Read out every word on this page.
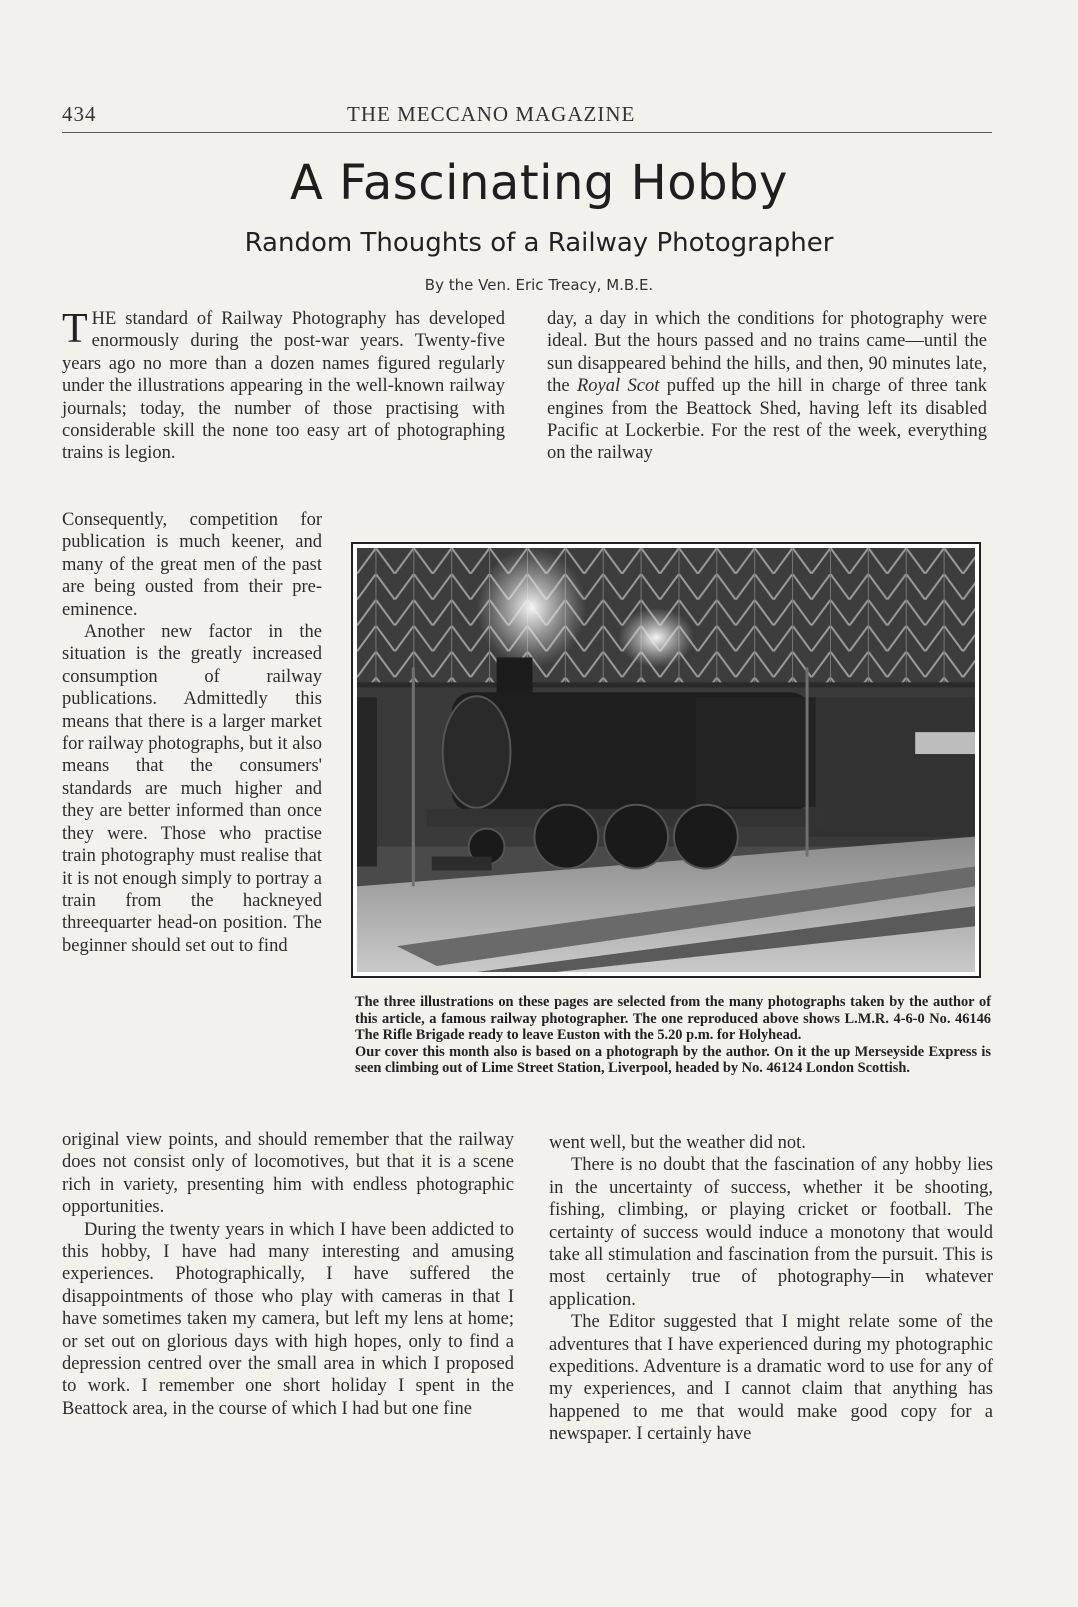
434	THE MECCANO MAGAZINE
A Fascinating Hobby
Random Thoughts of a Railway Photographer
By the Ven. Eric Treacy, M.B.E.

THE standard of Railway Photography has developed enormously during the post-war years. Twenty-five years ago no more than a dozen names figured regularly under the illustrations appearing in the well-known railway journals; today, the number of those practising with considerable skill the none too easy art of photographing trains is legion.

Consequently, competition for publication is much keener, and many of the great men of the past are being ousted from their pre-eminence.

Another new factor in the situation is the greatly increased consumption of railway publications. Admittedly this means that there is a larger market for railway photographs, but it also means that the consumers' standards are much higher and they are better informed than once they were. Those who practise train photography must realise that it is not enough simply to portray a train from the hackneyed threequarter head-on position. The beginner should set out to find

The three illustrations on these pages are selected from the many photographs taken by the author of this article, a famous railway photographer. The one reproduced above shows L.M.R. 4-6-0 No. 46146 The Rifle Brigade ready to leave Euston with the 5.20 p.m. for Holyhead.

Our cover this month also is based on a photograph by the author. On it the up Merseyside Express is seen climbing out of Lime Street Station, Liverpool, headed by No. 46124 London Scottish.

original view points, and should remember that the railway does not consist only of locomotives, but that it is a scene rich in variety, presenting him with endless photographic opportunities.

During the twenty years in which I have been addicted to this hobby, I have had many interesting and amusing experiences. Photographically, I have suffered the disappointments of those who play with cameras in that I have sometimes taken my camera, but left my lens at home; or set out on glorious days with high hopes, only to find a depression centred over the small area in which I proposed to work. I remember one short holiday I spent in the Beattock area, in the course of which I had but one fine

day, a day in which the conditions for photography were ideal. But the hours passed and no trains came—until the sun disappeared behind the hills, and then, 90 minutes late, the Royal Scot puffed up the hill in charge of three tank engines from the Beattock Shed, having left its disabled Pacific at Lockerbie. For the rest of the week, everything on the railway

went well, but the weather did not.

There is no doubt that the fascination of any hobby lies in the uncertainty of success, whether it be shooting, fishing, climbing, or playing cricket or football. The certainty of success would induce a monotony that would take all stimulation and fascination from the pursuit. This is most certainly true of photography—in whatever application.

The Editor suggested that I might relate some of the adventures that I have experienced during my photographic expeditions. Adventure is a dramatic word to use for any of my experiences, and I cannot claim that anything has happened to me that would make good copy for a newspaper. I certainly have
